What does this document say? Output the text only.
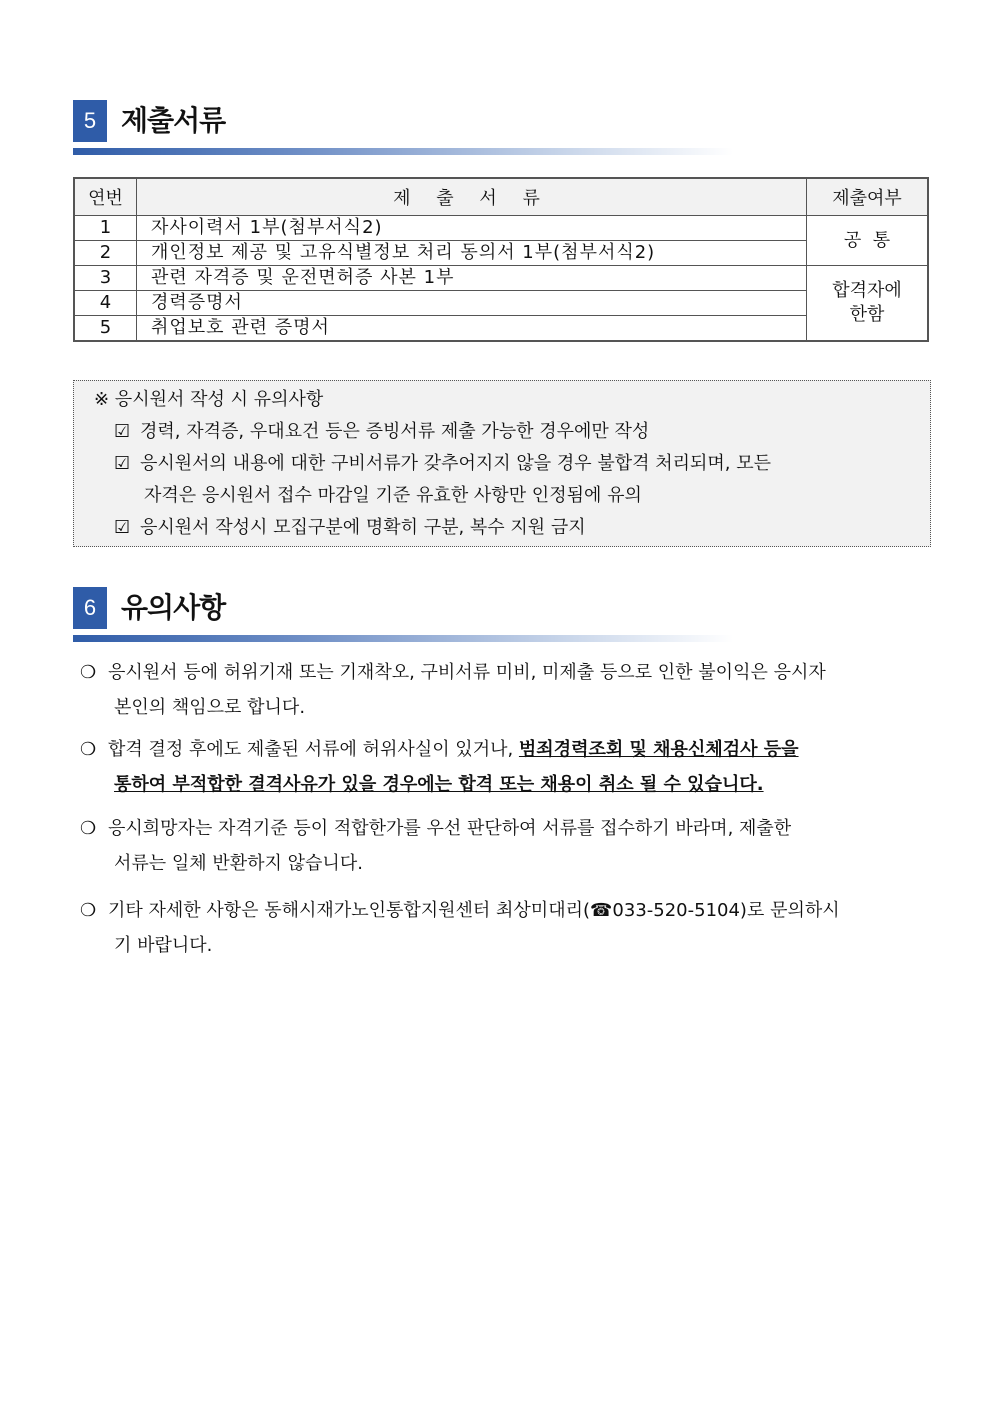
5 제출서류
연번	제 출 서 류	제출여부
1	자사이력서 1부(첨부서식2)	공  통
2	개인정보 제공 및 고유식별정보 처리 동의서 1부(첨부서식2)	
3	관련 자격증 및 운전면허증 사본 1부	합격자에
한함

4	경력증명서	
5	취업보호 관련 증명서	
※ 응시원서 작성 시 유의사항
☑ 경력, 자격증, 우대요건 등은 증빙서류 제출 가능한 경우에만 작성
☑ 응시원서의 내용에 대한 구비서류가 갖추어지지 않을 경우 불합격 처리되며, 모든
자격은 응시원서 접수 마감일 기준 유효한 사항만 인정됨에 유의
☑ 응시원서 작성시 모집구분에 명확히 구분, 복수 지원 금지
6 유의사항
❍ 응시원서 등에 허위기재 또는 기재착오, 구비서류 미비, 미제출 등으로 인한 불이익은 응시자
본인의 책임으로 합니다.
❍ 합격 결정 후에도 제출된 서류에 허위사실이 있거나, 범죄경력조회 및 채용신체검사 등을
통하여 부적합한 결격사유가 있을 경우에는 합격 또는 채용이 취소 될 수 있습니다.
❍ 응시희망자는 자격기준 등이 적합한가를 우선 판단하여 서류를 접수하기 바라며, 제출한
서류는 일체 반환하지 않습니다.
❍ 기타 자세한 사항은 동해시재가노인통합지원센터 최상미대리(☎033-520-5104)로 문의하시
기 바랍니다.
